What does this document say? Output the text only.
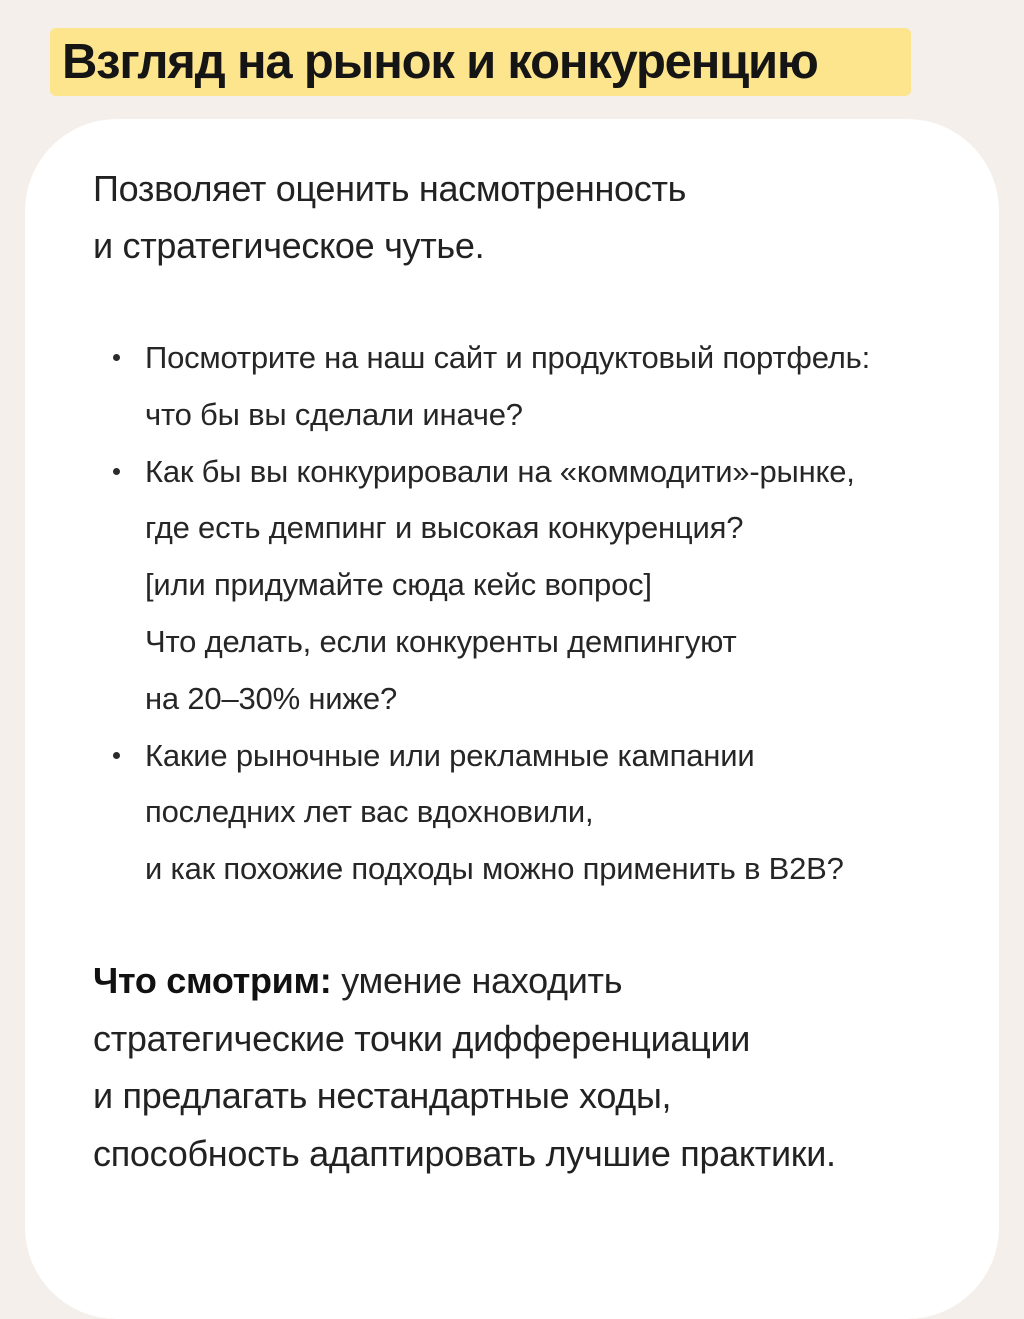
Взгляд на рынок и конкуренцию

Позволяет оценить насмотренность
и стратегическое чутье.

Посмотрите на наш сайт и продуктовый портфель:
что бы вы сделали иначе?
Как бы вы конкурировали на «коммодити»-рынке,
где есть демпинг и высокая конкуренция?
[или придумайте сюда кейс вопрос]
Что делать, если конкуренты демпингуют
на 20–30% ниже?
Какие рыночные или рекламные кампании
последних лет вас вдохновили,
и как похожие подходы можно применить в B2B?

Что смотрим: умение находить
стратегические точки дифференциации
и предлагать нестандартные ходы,
способность адаптировать лучшие практики.
